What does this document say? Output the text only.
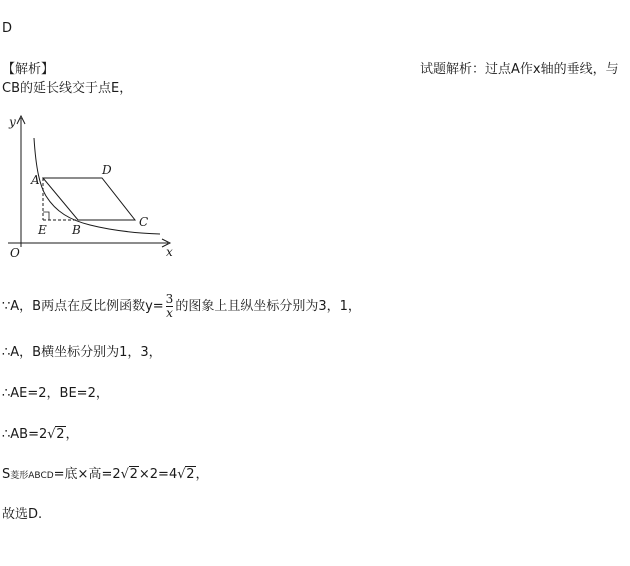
D
【解析】	试题解析：过点A作x轴的垂线，与
CB的延长线交于点E，
y
x
O
A
D
C
B
E
∵A，B两点在反比例函数$y= \frac{3}{x}$ 的图象上且纵坐标分别为3，1，
∴A，B横坐标分别为1，3，
∴AE=2，BE=2，
∴AB=2 √ 2，
S菱形ABCD=底×高=2 √ 2×2=4 √ 2，
故选D.
